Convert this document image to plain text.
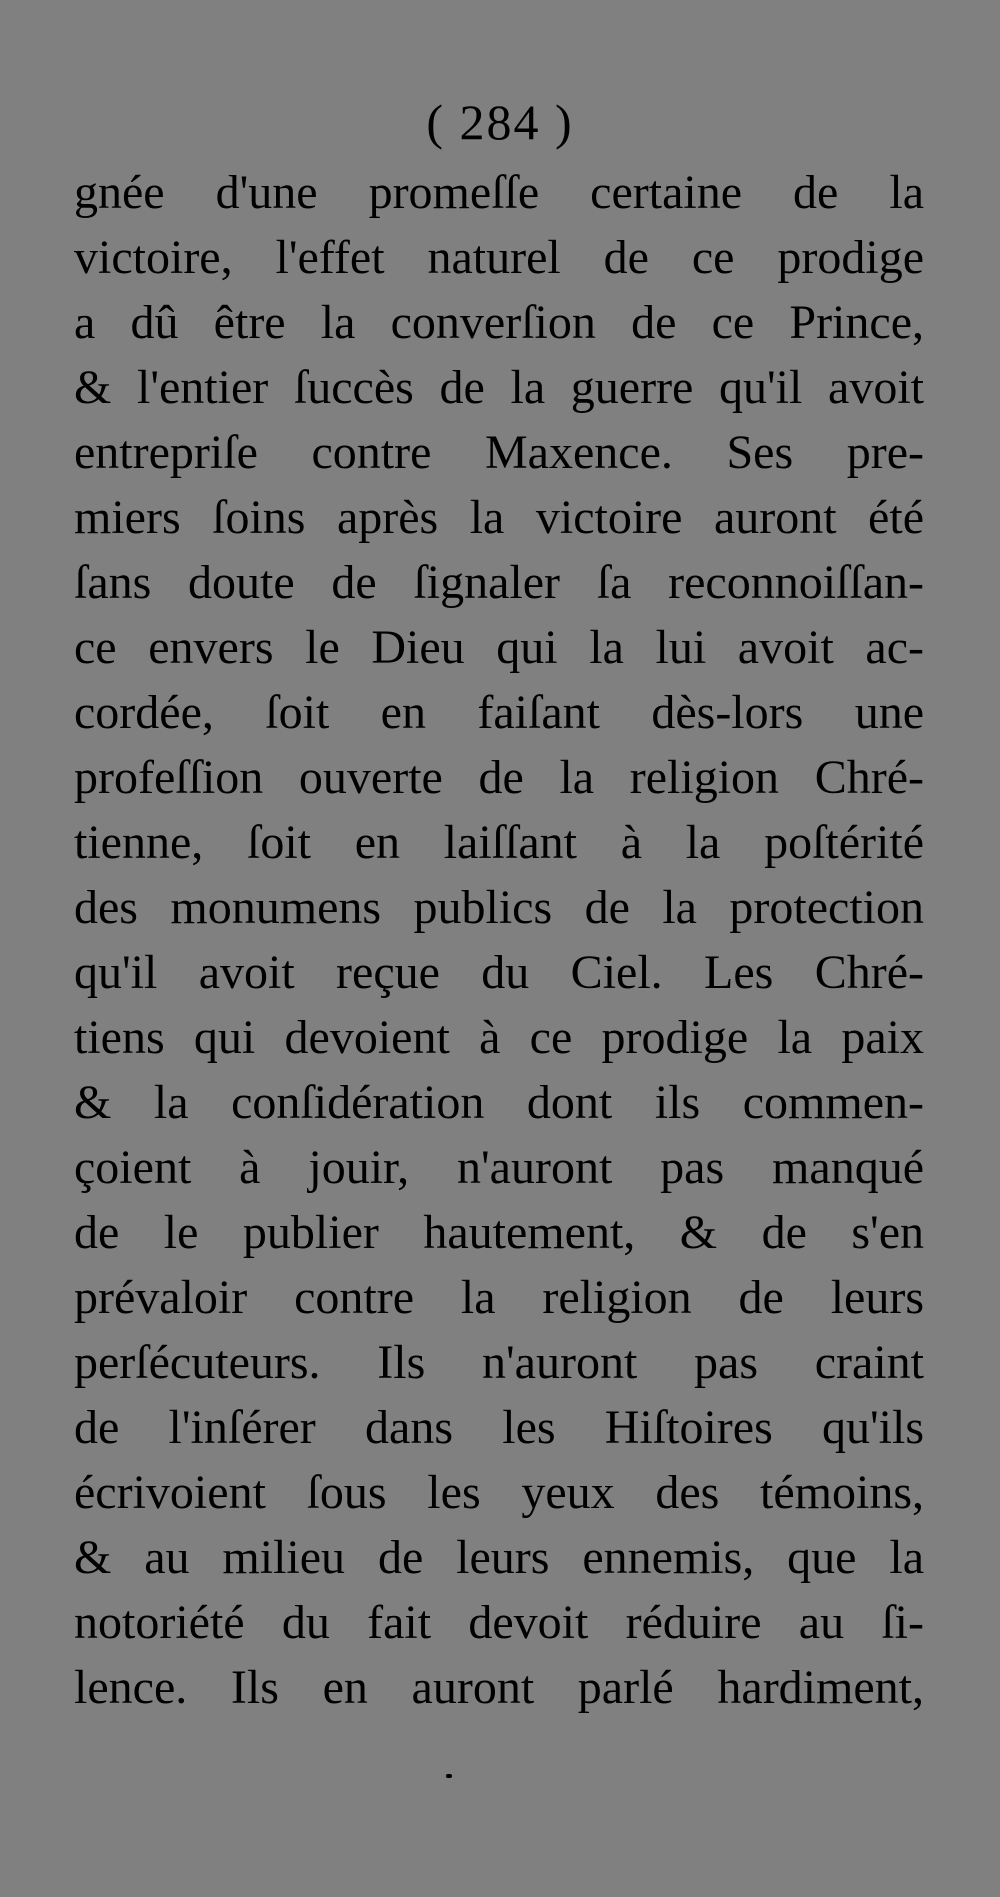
( 284 )
gnée d'une promeſſe certaine de la
victoire, l'effet naturel de ce prodige
a dû être la converſion de ce Prince,
& l'entier ſuccès de la guerre qu'il avoit
entrepriſe contre Maxence. Ses pre-
miers ſoins après la victoire auront été
ſans doute de ſignaler ſa reconnoiſſan-
ce envers le Dieu qui la lui avoit ac-
cordée, ſoit en faiſant dès-lors une
profeſſion ouverte de la religion Chré-
tienne, ſoit en laiſſant à la poſtérité
des monumens publics de la protection
qu'il avoit reçue du Ciel. Les Chré-
tiens qui devoient à ce prodige la paix
& la conſidération dont ils commen-
çoient à jouir, n'auront pas manqué
de le publier hautement, & de s'en
prévaloir contre la religion de leurs
perſécuteurs. Ils n'auront pas craint
de l'inſérer dans les Hiſtoires qu'ils
écrivoient ſous les yeux des témoins,
& au milieu de leurs ennemis, que la
notoriété du fait devoit réduire au ſi-
lence. Ils en auront parlé hardiment,
